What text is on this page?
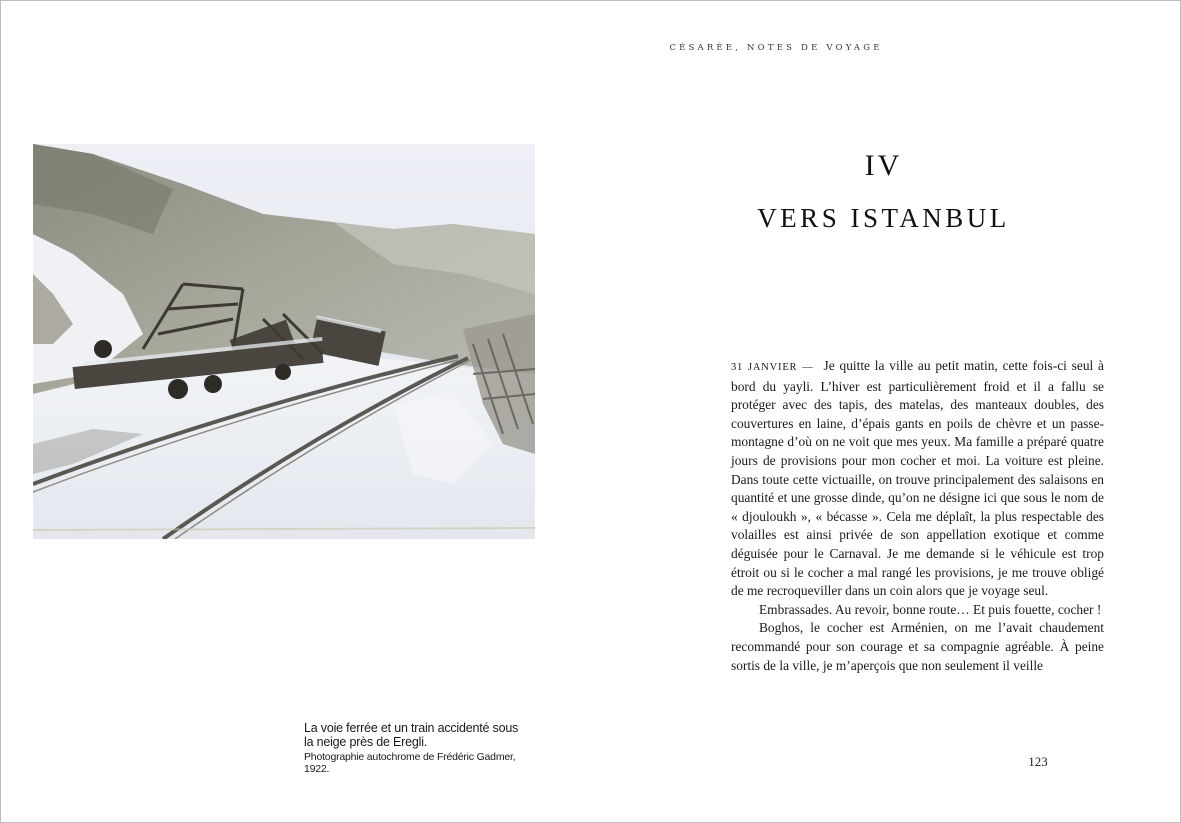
La voie ferrée et un train accidenté sous la neige près de Eregli.
Photographie autochrome de Frédéric Gadmer, 1922.
CÉSARÉE, NOTES DE VOYAGE
IV
VERS ISTANBUL

31 JANVIER — Je quitte la ville au petit matin, cette fois-ci seul à bord du yayli. L’hiver est particulièrement froid et il a fallu se protéger avec des tapis, des matelas, des manteaux doubles, des couvertures en laine, d’épais gants en poils de chèvre et un passe-montagne d’où on ne voit que mes yeux. Ma famille a préparé quatre jours de provisions pour mon cocher et moi. La voiture est pleine. Dans toute cette victuaille, on trouve principalement des salaisons en quantité et une grosse dinde, qu’on ne désigne ici que sous le nom de « djouloukh », « bécasse ». Cela me déplaît, la plus respectable des volailles est ainsi privée de son appellation exotique et comme déguisée pour le Carnaval. Je me demande si le véhicule est trop étroit ou si le cocher a mal rangé les provisions, je me trouve obligé de me recroqueviller dans un coin alors que je voyage seul.

Embrassades. Au revoir, bonne route… Et puis fouette, cocher !

Boghos, le cocher est Arménien, on me l’avait chaudement recommandé pour son courage et sa compagnie agréable. À peine sortis de la ville, je m’aperçois que non seulement il veille

123
